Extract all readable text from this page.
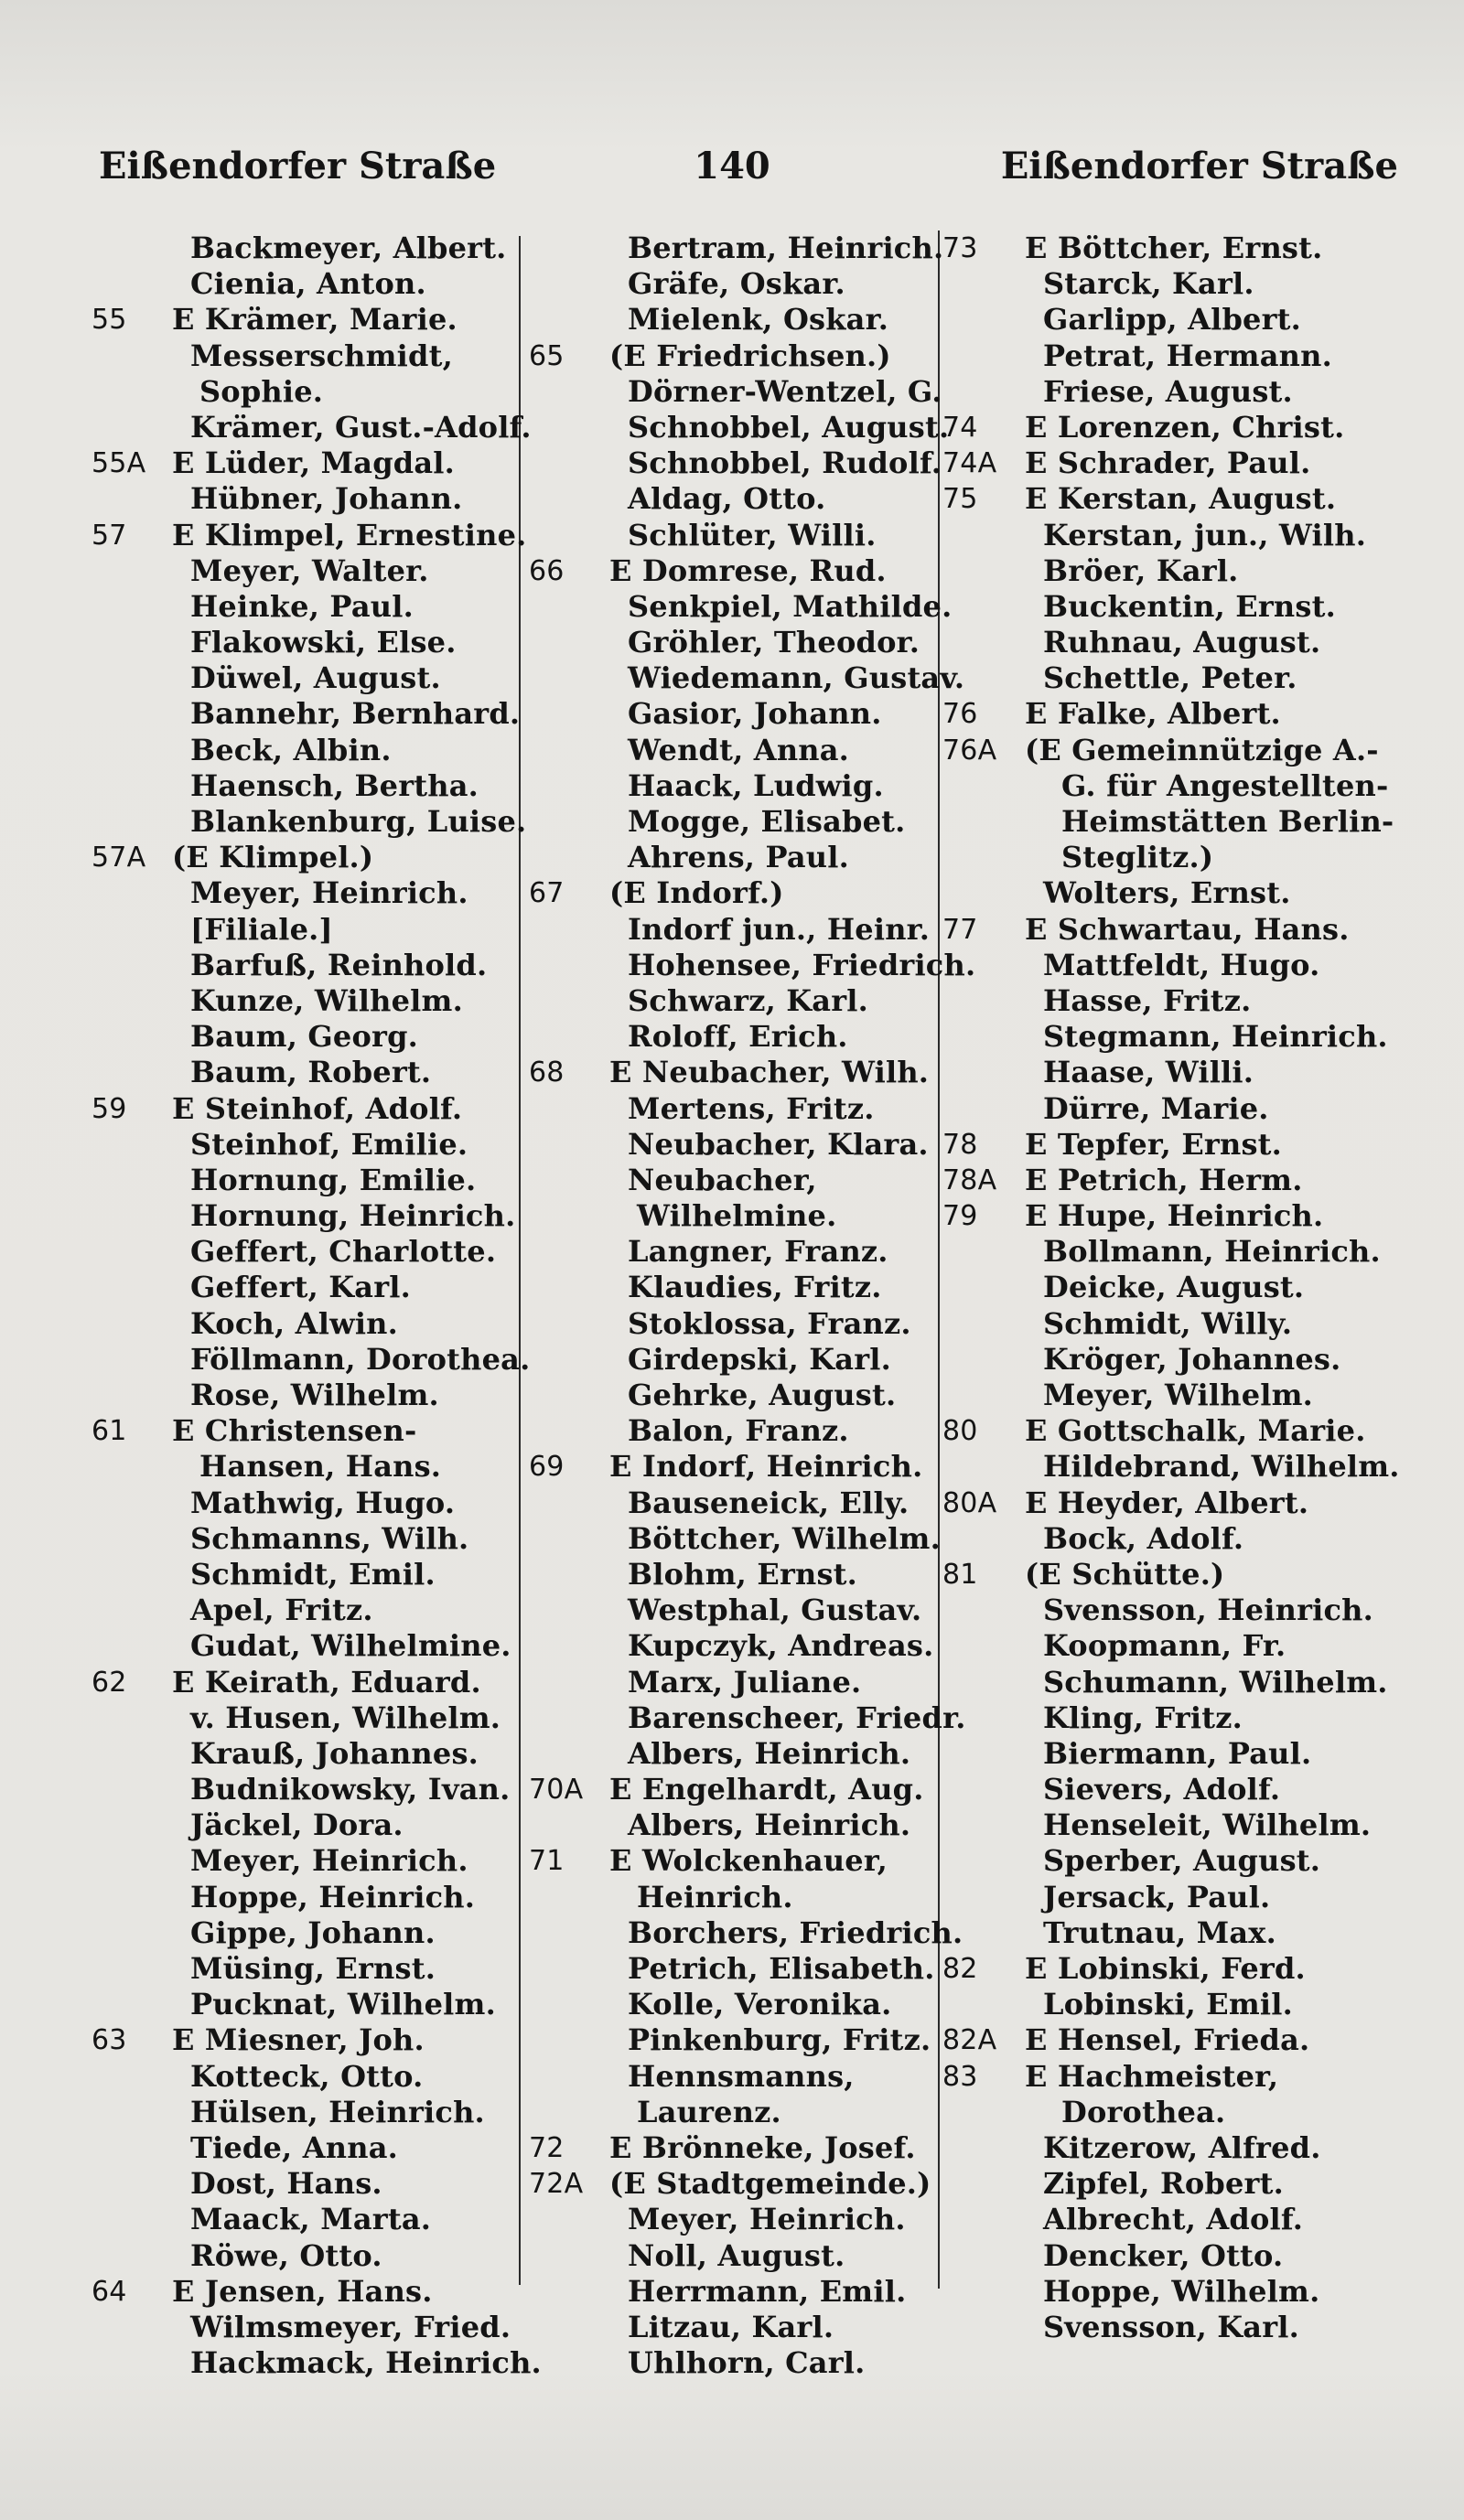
Eißendorfer Straße	140	Eißendorfer Straße
Backmeyer, Albert.
Cienia, Anton.
55	E Krämer, Marie.
Messerschmidt,
Sophie.
Krämer, Gust.-Adolf.
55A E Lüder, Magdal.
Hübner, Johann.
57	E Klimpel, Ernestine.
Meyer, Walter.
Heinke, Paul.
Flakowski, Else.
Düwel, August.
Bannehr, Bernhard.
Beck, Albin.
Haensch, Bertha.
Blankenburg, Luise.
57A (E Klimpel.)
Meyer, Heinrich.
[Filiale.]
Barfuß, Reinhold.
Kunze, Wilhelm.
Baum, Georg.
Baum, Robert.
59	E Steinhof, Adolf.
Steinhof, Emilie.
Hornung, Emilie.
Hornung, Heinrich.
Geffert, Charlotte.
Geffert, Karl.
Koch, Alwin.
Föllmann, Dorothea.
Rose, Wilhelm.
61	E Christensen-
Hansen, Hans.
Mathwig, Hugo.
Schmanns, Wilh.
Schmidt, Emil.
Apel, Fritz.
Gudat, Wilhelmine.
62	E Keirath, Eduard.
v. Husen, Wilhelm.
Krauß, Johannes.
Budnikowsky, Ivan.
Jäckel, Dora.
Meyer, Heinrich.
Hoppe, Heinrich.
Gippe, Johann.
Müsing, Ernst.
Pucknat, Wilhelm.
63	E Miesner, Joh.
Kotteck, Otto.
Hülsen, Heinrich.
Tiede, Anna.
Dost, Hans.
Maack, Marta.
Röwe, Otto.
64	E Jensen, Hans.
Wilmsmeyer, Fried.
Hackmack, Heinrich.
Bertram, Heinrich.
Gräfe, Oskar.
Mielenk, Oskar.
65	(E Friedrichsen.)
Dörner-Wentzel, G.
Schnobbel, August.
Schnobbel, Rudolf.
Aldag, Otto.
Schlüter, Willi.
66	E Domrese, Rud.
Senkpiel, Mathilde.
Gröhler, Theodor.
Wiedemann, Gustav.
Gasior, Johann.
Wendt, Anna.
Haack, Ludwig.
Mogge, Elisabet.
Ahrens, Paul.
67	(E Indorf.)
Indorf jun., Heinr.
Hohensee, Friedrich.
Schwarz, Karl.
Roloff, Erich.
68	E Neubacher, Wilh.
Mertens, Fritz.
Neubacher, Klara.
Neubacher,
Wilhelmine.
Langner, Franz.
Klaudies, Fritz.
Stoklossa, Franz.
Girdepski, Karl.
Gehrke, August.
Balon, Franz.
69	E Indorf, Heinrich.
Bauseneick, Elly.
Böttcher, Wilhelm.
Blohm, Ernst.
Westphal, Gustav.
Kupczyk, Andreas.
Marx, Juliane.
Barenscheer, Friedr.
Albers, Heinrich.
70A E Engelhardt, Aug.
Albers, Heinrich.
71	E Wolckenhauer,
Heinrich.
Borchers, Friedrich.
Petrich, Elisabeth.
Kolle, Veronika.
Pinkenburg, Fritz.
Hennsmanns,
Laurenz.
72	E Brönneke, Josef.
72A (E Stadtgemeinde.)
Meyer, Heinrich.
Noll, August.
Herrmann, Emil.
Litzau, Karl.
Uhlhorn, Carl.
73	E Böttcher, Ernst.
Starck, Karl.
Garlipp, Albert.
Petrat, Hermann.
Friese, August.
74	E Lorenzen, Christ.
74A E Schrader, Paul.
75	E Kerstan, August.
Kerstan, jun., Wilh.
Bröer, Karl.
Buckentin, Ernst.
Ruhnau, August.
Schettle, Peter.
76	E Falke, Albert.
76A (E Gemeinnützige A.-
G. für Angestellten-
Heimstätten Berlin-
Steglitz.)
Wolters, Ernst.
77	E Schwartau, Hans.
Mattfeldt, Hugo.
Hasse, Fritz.
Stegmann, Heinrich.
Haase, Willi.
Dürre, Marie.
78	E Tepfer, Ernst.
78A E Petrich, Herm.
79	E Hupe, Heinrich.
Bollmann, Heinrich.
Deicke, August.
Schmidt, Willy.
Kröger, Johannes.
Meyer, Wilhelm.
80	E Gottschalk, Marie.
Hildebrand, Wilhelm.
80A E Heyder, Albert.
Bock, Adolf.
81	(E Schütte.)
Svensson, Heinrich.
Koopmann, Fr.
Schumann, Wilhelm.
Kling, Fritz.
Biermann, Paul.
Sievers, Adolf.
Henseleit, Wilhelm.
Sperber, August.
Jersack, Paul.
Trutnau, Max.
82	E Lobinski, Ferd.
Lobinski, Emil.
82A E Hensel, Frieda.
83	E Hachmeister,
Dorothea.
Kitzerow, Alfred.
Zipfel, Robert.
Albrecht, Adolf.
Dencker, Otto.
Hoppe, Wilhelm.
Svensson, Karl.
